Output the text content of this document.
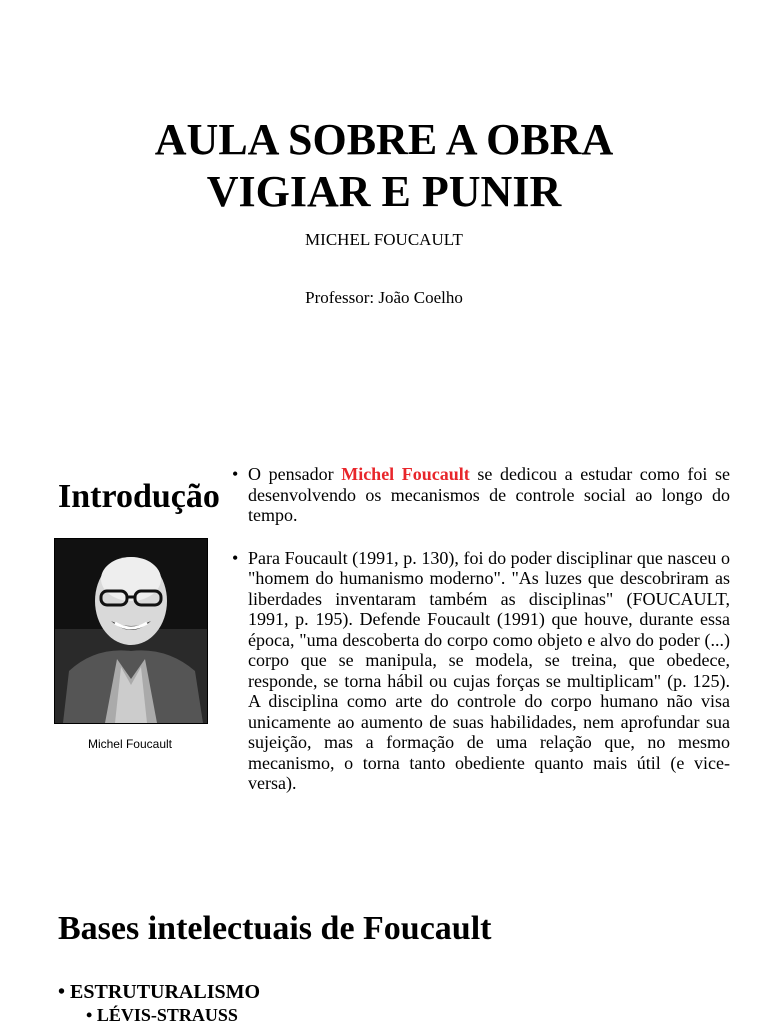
AULA SOBRE A OBRA
VIGIAR E PUNIR
MICHEL FOUCAULT
Professor: João Coelho
Introdução
Michel Foucault
• O pensador Michel Foucault se dedicou a estudar como foi se desenvolvendo os mecanismos de controle social ao longo do tempo.
• Para Foucault (1991, p. 130), foi do poder disciplinar que nasceu o "homem do humanismo moderno". "As luzes que descobriram as liberdades inventaram também as disciplinas" (FOUCAULT, 1991, p. 195). Defende Foucault (1991) que houve, durante essa época, "uma descoberta do corpo como objeto e alvo do poder (...) corpo que se manipula, se modela, se treina, que obedece, responde, se torna hábil ou cujas forças se multiplicam" (p. 125). A disciplina como arte do controle do corpo humano não visa unicamente ao aumento de suas habilidades, nem aprofundar sua sujeição, mas a formação de uma relação que, no mesmo mecanismo, o torna tanto obediente quanto mais útil (e vice-versa).
Bases intelectuais de Foucault
• ESTRUTURALISMO
• LÉVIS-STRAUSS
